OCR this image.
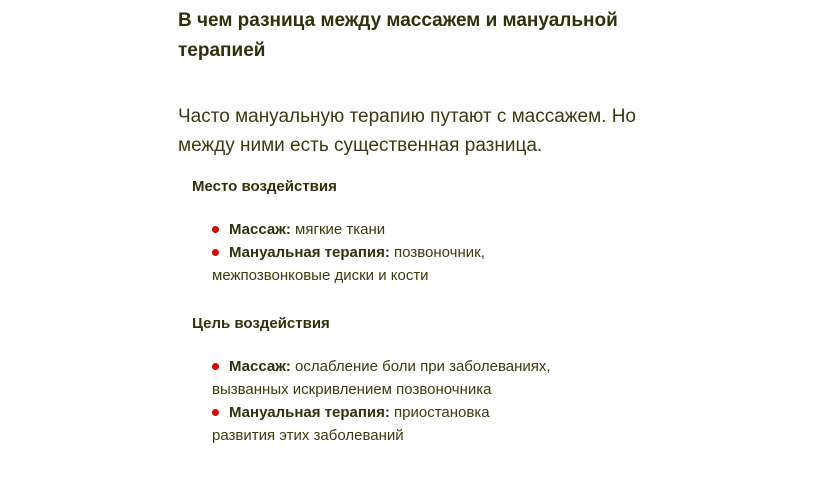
В чем разница между массажем и мануальной терапией

Часто мануальную терапию путают с массажем. Но между ними есть существенная разница.

Место воздействия
Массаж: мягкие ткани
Мануальная терапия: позвоночник, межпозвонковые диски и кости
Цель воздействия
Массаж: ослабление боли при заболеваниях, вызванных искривлением позвоночника
Мануальная терапия: приостановка развития этих заболеваний
